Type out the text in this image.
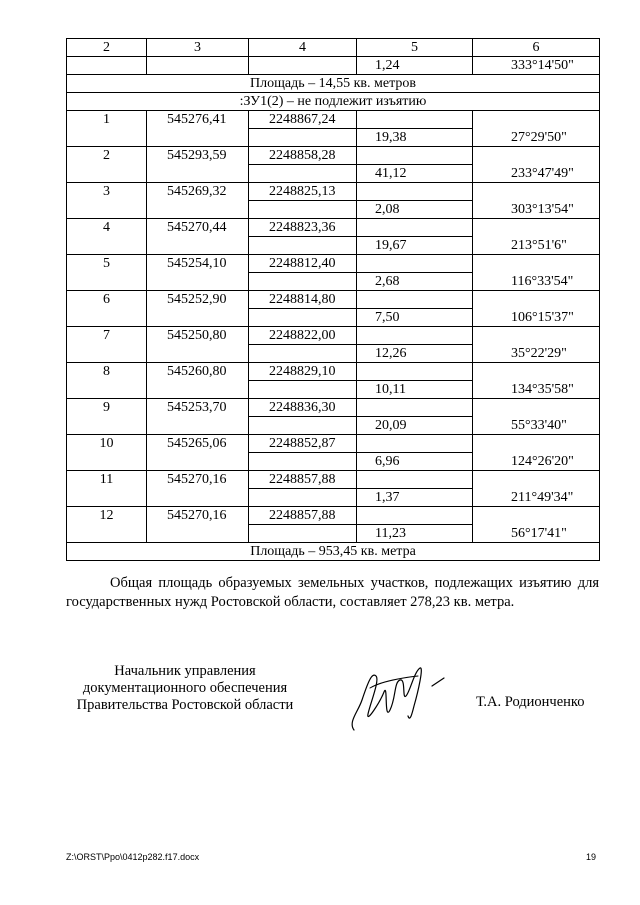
2	3	4	5	6
			1,24	333°14'50"
Площадь – 14,55 кв. метров				
:ЗУ1(2) – не подлежит изъятию				
1	545276,41	2248867,24		
			19,38	27°29'50"
2	545293,59	2248858,28		
			41,12	233°47'49"
3	545269,32	2248825,13		
			2,08	303°13'54"
4	545270,44	2248823,36		
			19,67	213°51'6"
5	545254,10	2248812,40		
			2,68	116°33'54"
6	545252,90	2248814,80		
			7,50	106°15'37"
7	545250,80	2248822,00		
			12,26	35°22'29"
8	545260,80	2248829,10		
			10,11	134°35'58"
9	545253,70	2248836,30		
			20,09	55°33'40"
10	545265,06	2248852,87		
			6,96	124°26'20"
11	545270,16	2248857,88		
			1,37	211°49'34"
12	545270,16	2248857,88		
			11,23	56°17'41"
Площадь – 953,45 кв. метра				

Общая площадь образуемых земельных участков, подлежащих изъятию для государственных нужд Ростовской области, составляет 278,23 кв. метра.

Начальник управления
документационного обеспечения
Правительства Ростовской области	Т.А. Родионченко
Z:\ORST\Ppo\0412p282.f17.docx	19
